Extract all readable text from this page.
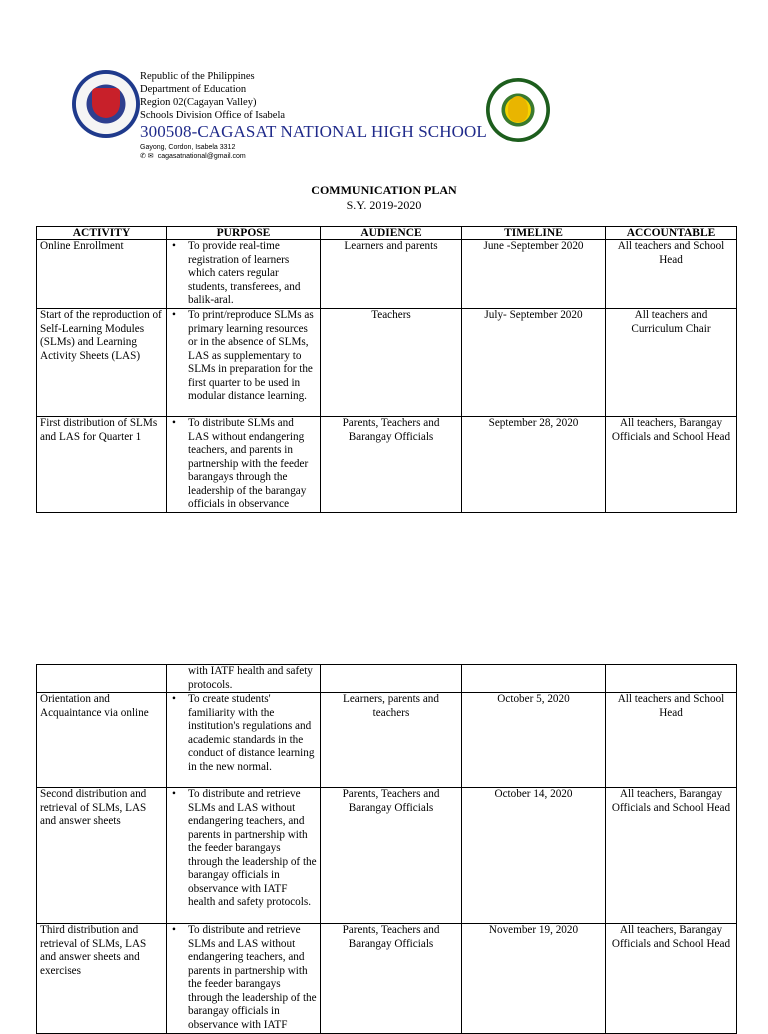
Republic of the Philippines
Department of Education
Region 02(Cagayan Valley)
Schools Division Office of Isabela
300508-CAGASAT NATIONAL HIGH SCHOOL
Gayong, Cordon, Isabela 3312
✆ ✉ cagasatnational@gmail.com
COMMUNICATION PLAN
S.Y. 2019-2020
ACTIVITY	PURPOSE	AUDIENCE	TIMELINE	ACCOUNTABLE
Online Enrollment	• To provide real-time registration of learners which caters regular students, transferees, and balik-aral.	Learners and parents	June -September 2020	All teachers and School Head
Start of the reproduction of Self-Learning Modules (SLMs) and Learning Activity Sheets (LAS)	• To print/reproduce SLMs as primary learning resources or in the absence of SLMs, LAS as supplementary to SLMs in preparation for the first quarter to be used in modular distance learning.	Teachers	July- September 2020	All teachers and Curriculum Chair
First distribution of SLMs and LAS for Quarter 1	• To distribute SLMs and LAS without endangering teachers, and parents in partnership with the feeder barangays through the leadership of the barangay officials in observance	Parents, Teachers and Barangay Officials	September 28, 2020	All teachers, Barangay Officials and School Head
	with IATF health and safety protocols.			
Orientation and Acquaintance via online	• To create students' familiarity with the institution's regulations and academic standards in the conduct of distance learning in the new normal.	Learners, parents and teachers	October 5, 2020	All teachers and School Head
Second distribution and retrieval of SLMs, LAS and answer sheets	• To distribute and retrieve SLMs and LAS without endangering teachers, and parents in partnership with the feeder barangays through the leadership of the barangay officials in observance with IATF health and safety protocols.	Parents, Teachers and Barangay Officials	October 14, 2020	All teachers, Barangay Officials and School Head
Third distribution and retrieval of SLMs, LAS and answer sheets and exercises	• To distribute and retrieve SLMs and LAS without endangering teachers, and parents in partnership with the feeder barangays through the leadership of the barangay officials in observance with IATF	Parents, Teachers and Barangay Officials	November 19, 2020	All teachers, Barangay Officials and School Head
